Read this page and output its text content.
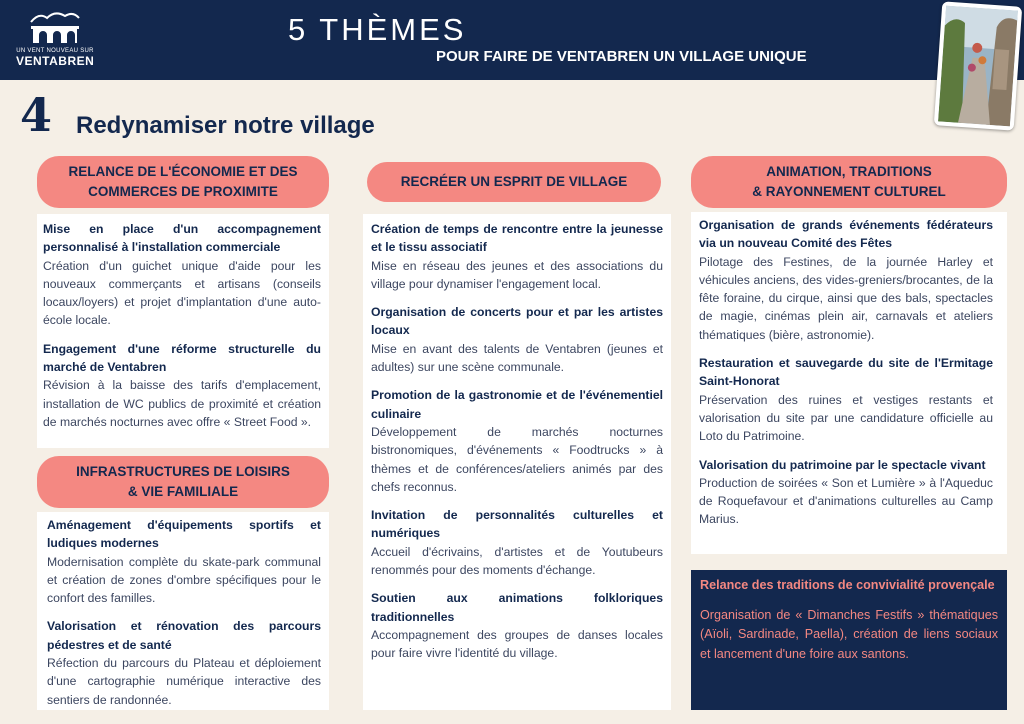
UN VENT NOUVEAU SUR
VENTABREN
5 THÈMES
POUR FAIRE DE VENTABREN UN VILLAGE UNIQUE
4 Redynamiser notre village
RELANCE DE L'ÉCONOMIE ET DES COMMERCES DE PROXIMITE

Mise en place d'un accompagnement personnalisé à l'installation commerciale

Création d'un guichet unique d'aide pour les nouveaux commerçants et artisans (conseils locaux/loyers) et projet d'implantation d'une auto-école locale.

Engagement d'une réforme structurelle du marché de Ventabren

Révision à la baisse des tarifs d'emplacement, installation de WC publics de proximité et création de marchés nocturnes avec offre « Street Food ».

INFRASTRUCTURES DE LOISIRS & VIE FAMILIALE

Aménagement d'équipements sportifs et ludiques modernes

Modernisation complète du skate-park communal et création de zones d'ombre spécifiques pour le confort des familles.

Valorisation et rénovation des parcours pédestres et de santé

Réfection du parcours du Plateau et déploiement d'une cartographie numérique interactive des sentiers de randonnée.

RECRÉER UN ESPRIT DE VILLAGE

Création de temps de rencontre entre la jeunesse et le tissu associatif

Mise en réseau des jeunes et des associations du village pour dynamiser l'engagement local.

Organisation de concerts pour et par les artistes locaux

Mise en avant des talents de Ventabren (jeunes et adultes) sur une scène communale.

Promotion de la gastronomie et de l'événementiel culinaire

Développement de marchés nocturnes bistronomiques, d'événements « Foodtrucks » à thèmes et de conférences/ateliers animés par des chefs reconnus.

Invitation de personnalités culturelles et numériques

Accueil d'écrivains, d'artistes et de Youtubeurs renommés pour des moments d'échange.

Soutien aux animations folkloriques traditionnelles

Accompagnement des groupes de danses locales pour faire vivre l'identité du village.

ANIMATION, TRADITIONS
& RAYONNEMENT CULTUREL

Organisation de grands événements fédérateurs via un nouveau Comité des Fêtes

Pilotage des Festines, de la journée Harley et véhicules anciens, des vides-greniers/brocantes, de la fête foraine, du cirque, ainsi que des bals, spectacles de magie, cinémas plein air, carnavals et ateliers thématiques (bière, astronomie).

Restauration et sauvegarde du site de l'Ermitage Saint-Honorat

Préservation des ruines et vestiges restants et valorisation du site par une candidature officielle au Loto du Patrimoine.

Valorisation du patrimoine par le spectacle vivant

Production de soirées « Son et Lumière » à l'Aqueduc de Roquefavour et d'animations culturelles au Camp Marius.

Relance des traditions de convivialité provençale

Organisation de « Dimanches Festifs » thématiques (Aïoli, Sardinade, Paella), création de liens sociaux et lancement d'une foire aux santons.
